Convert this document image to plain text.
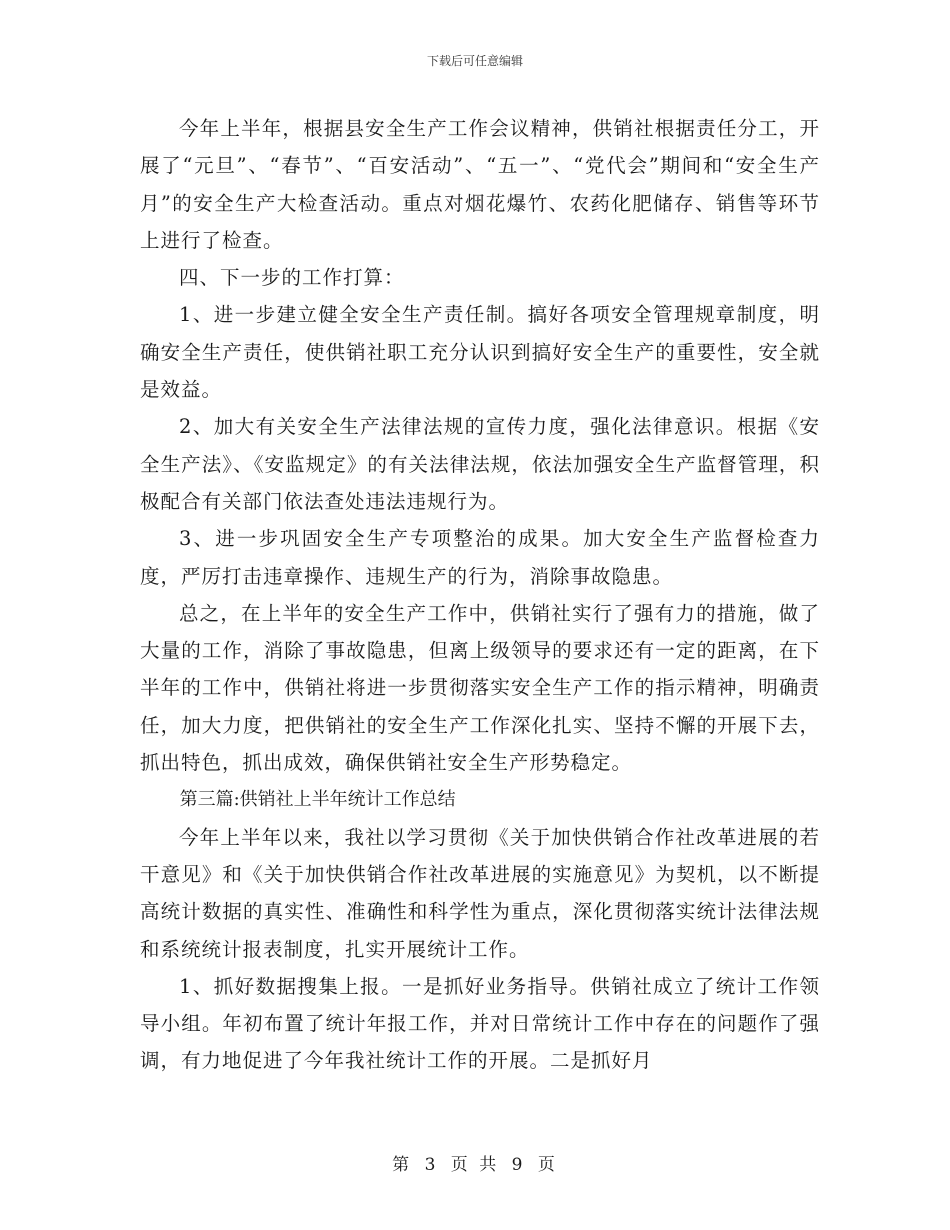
下载后可任意编辑

今年上半年，根据县安全生产工作会议精神，供销社根据责任分工，开展了“元旦”、“春节”、“百安活动”、“五一”、“党代会”期间和“安全生产月”的安全生产大检查活动。重点对烟花爆竹、农药化肥储存、销售等环节上进行了检查。

四、下一步的工作打算：

1、进一步建立健全安全生产责任制。搞好各项安全管理规章制度，明确安全生产责任，使供销社职工充分认识到搞好安全生产的重要性，安全就是效益。

2、加大有关安全生产法律法规的宣传力度，强化法律意识。根据《安全生产法》、《安监规定》的有关法律法规，依法加强安全生产监督管理，积极配合有关部门依法查处违法违规行为。

3、进一步巩固安全生产专项整治的成果。加大安全生产监督检查力度，严厉打击违章操作、违规生产的行为，消除事故隐患。

总之，在上半年的安全生产工作中，供销社实行了强有力的措施，做了大量的工作，消除了事故隐患，但离上级领导的要求还有一定的距离，在下半年的工作中，供销社将进一步贯彻落实安全生产工作的指示精神，明确责任，加大力度，把供销社的安全生产工作深化扎实、坚持不懈的开展下去，抓出特色，抓出成效，确保供销社安全生产形势稳定。

第三篇:供销社上半年统计工作总结

今年上半年以来，我社以学习贯彻《关于加快供销合作社改革进展的若干意见》和《关于加快供销合作社改革进展的实施意见》为契机，以不断提高统计数据的真实性、准确性和科学性为重点，深化贯彻落实统计法律法规和系统统计报表制度，扎实开展统计工作。

1、抓好数据搜集上报。一是抓好业务指导。供销社成立了统计工作领导小组。年初布置了统计年报工作，并对日常统计工作中存在的问题作了强调，有力地促进了今年我社统计工作的开展。二是抓好月

第 3 页 共 9 页
